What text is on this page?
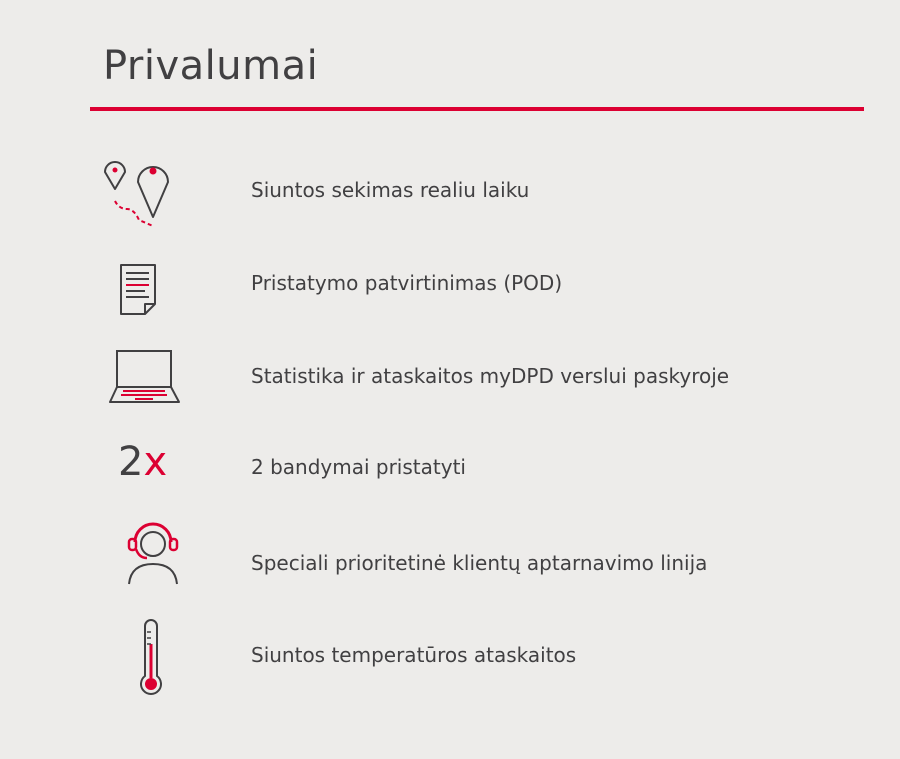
Privalumai
Siuntos sekimas realiu laiku
Pristatymo patvirtinimas (POD)
Statistika ir ataskaitos myDPD verslui paskyroje
2x	2 bandymai pristatyti
Speciali prioritetinė klientų aptarnavimo linija
Siuntos temperatūros ataskaitos
